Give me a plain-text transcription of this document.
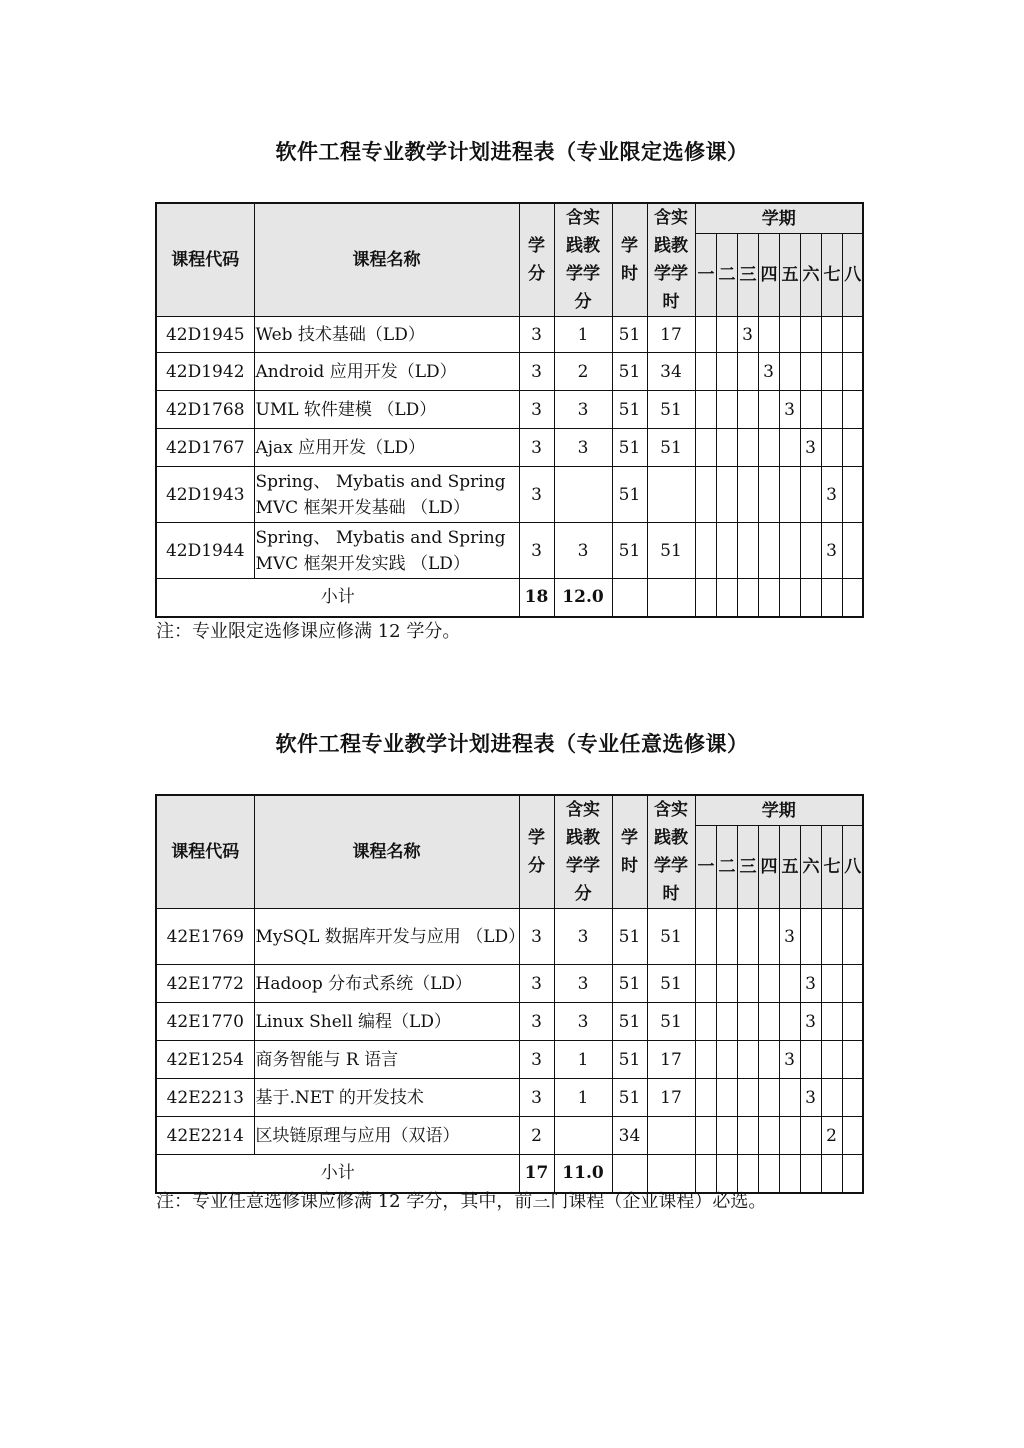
软件工程专业教学计划进程表（专业限定选修课）
课程代码	课程名称	学
分	含实
践教
学学
分	学
时	含实
践教
学学
时	学期							
						一	二	三	四	五	六	七	八
42D1945	Web 技术基础（LD）	3	1	51	17			3					
42D1942	Android 应用开发（LD）	3	2	51	34				3				
42D1768	UML 软件建模 （LD）	3	3	51	51					3			
42D1767	Ajax 应用开发（LD）	3	3	51	51						3		
42D1943	Spring、 Mybatis and Spring MVC 框架开发基础 （LD）	3		51								3	
42D1944	Spring、 Mybatis and Spring MVC 框架开发实践 （LD）	3	3	51	51							3	
小计		18	12.0										
注：专业限定选修课应修满 12 学分。
软件工程专业教学计划进程表（专业任意选修课）
课程代码	课程名称	学
分	含实
践教
学学
分	学
时	含实
践教
学学
时	学期							
						一	二	三	四	五	六	七	八
42E1769	MySQL 数据库开发与应用 （LD）	3	3	51	51					3			
42E1772	Hadoop 分布式系统（LD）	3	3	51	51						3		
42E1770	Linux Shell 编程（LD）	3	3	51	51						3		
42E1254	商务智能与 R 语言	3	1	51	17					3			
42E2213	基于.NET 的开发技术	3	1	51	17						3		
42E2214	区块链原理与应用（双语）	2		34								2	
小计		17	11.0										
注：专业任意选修课应修满 12 学分，其中，前三门课程（企业课程）必选。
